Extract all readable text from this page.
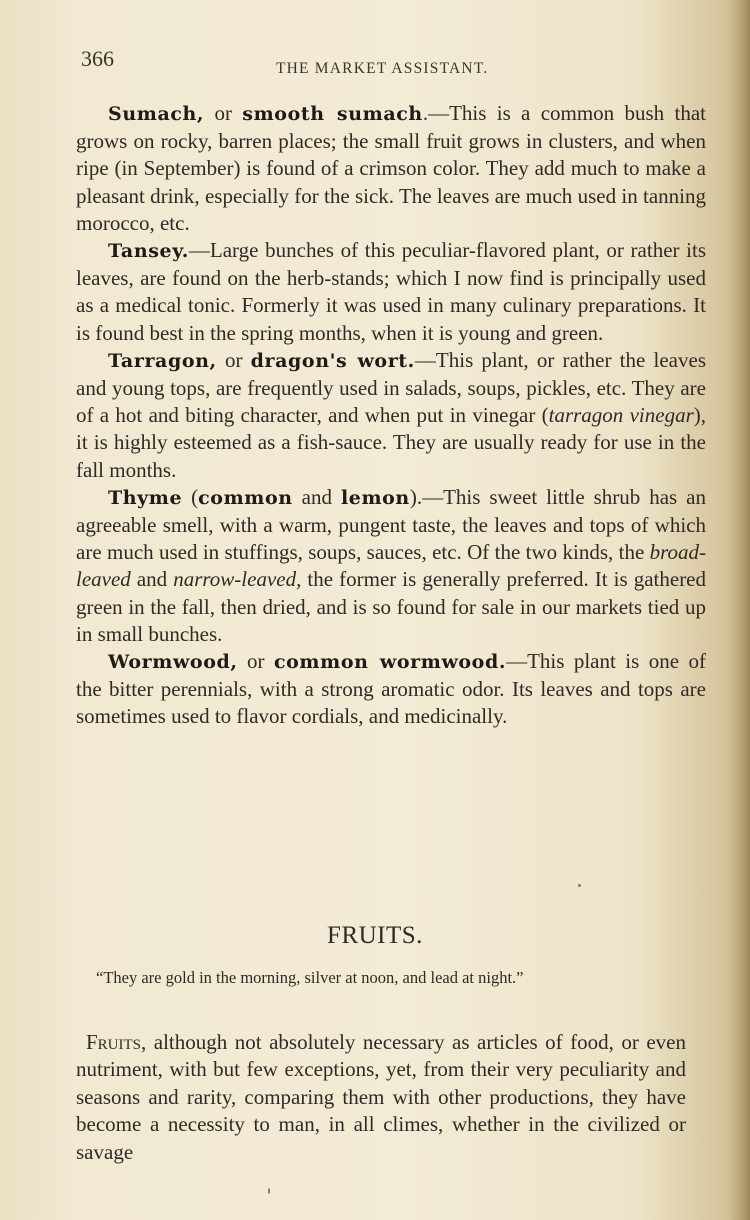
366	THE MARKET ASSISTANT.

Sumach, or smooth sumach.—This is a common bush that grows on rocky, barren places; the small fruit grows in clusters, and when ripe (in September) is found of a crimson color. They add much to make a pleasant drink, especially for the sick. The leaves are much used in tanning morocco, etc.

Tansey.—Large bunches of this peculiar-flavored plant, or rather its leaves, are found on the herb-stands; which I now find is principally used as a medical tonic. Formerly it was used in many culinary preparations. It is found best in the spring months, when it is young and green.

Tarragon, or dragon's wort.—This plant, or rather the leaves and young tops, are frequently used in salads, soups, pickles, etc. They are of a hot and biting character, and when put in vinegar (tarragon vinegar), it is highly esteemed as a fish-sauce. They are usually ready for use in the fall months.

Thyme (common and lemon).—This sweet little shrub has an agreeable smell, with a warm, pungent taste, the leaves and tops of which are much used in stuffings, soups, sauces, etc. Of the two kinds, the broad-leaved and narrow-leaved, the former is generally preferred. It is gathered green in the fall, then dried, and is so found for sale in our markets tied up in small bunches.

Wormwood, or common wormwood.—This plant is one of the bitter perennials, with a strong aromatic odor. Its leaves and tops are sometimes used to flavor cordials, and medicinally.

FRUITS.
“They are gold in the morning, silver at noon, and lead at night.”

Fruits, although not absolutely necessary as articles of food, or even nutriment, with but few exceptions, yet, from their very peculiarity and seasons and rarity, comparing them with other productions, they have become a necessity to man, in all climes, whether in the civilized or savage
